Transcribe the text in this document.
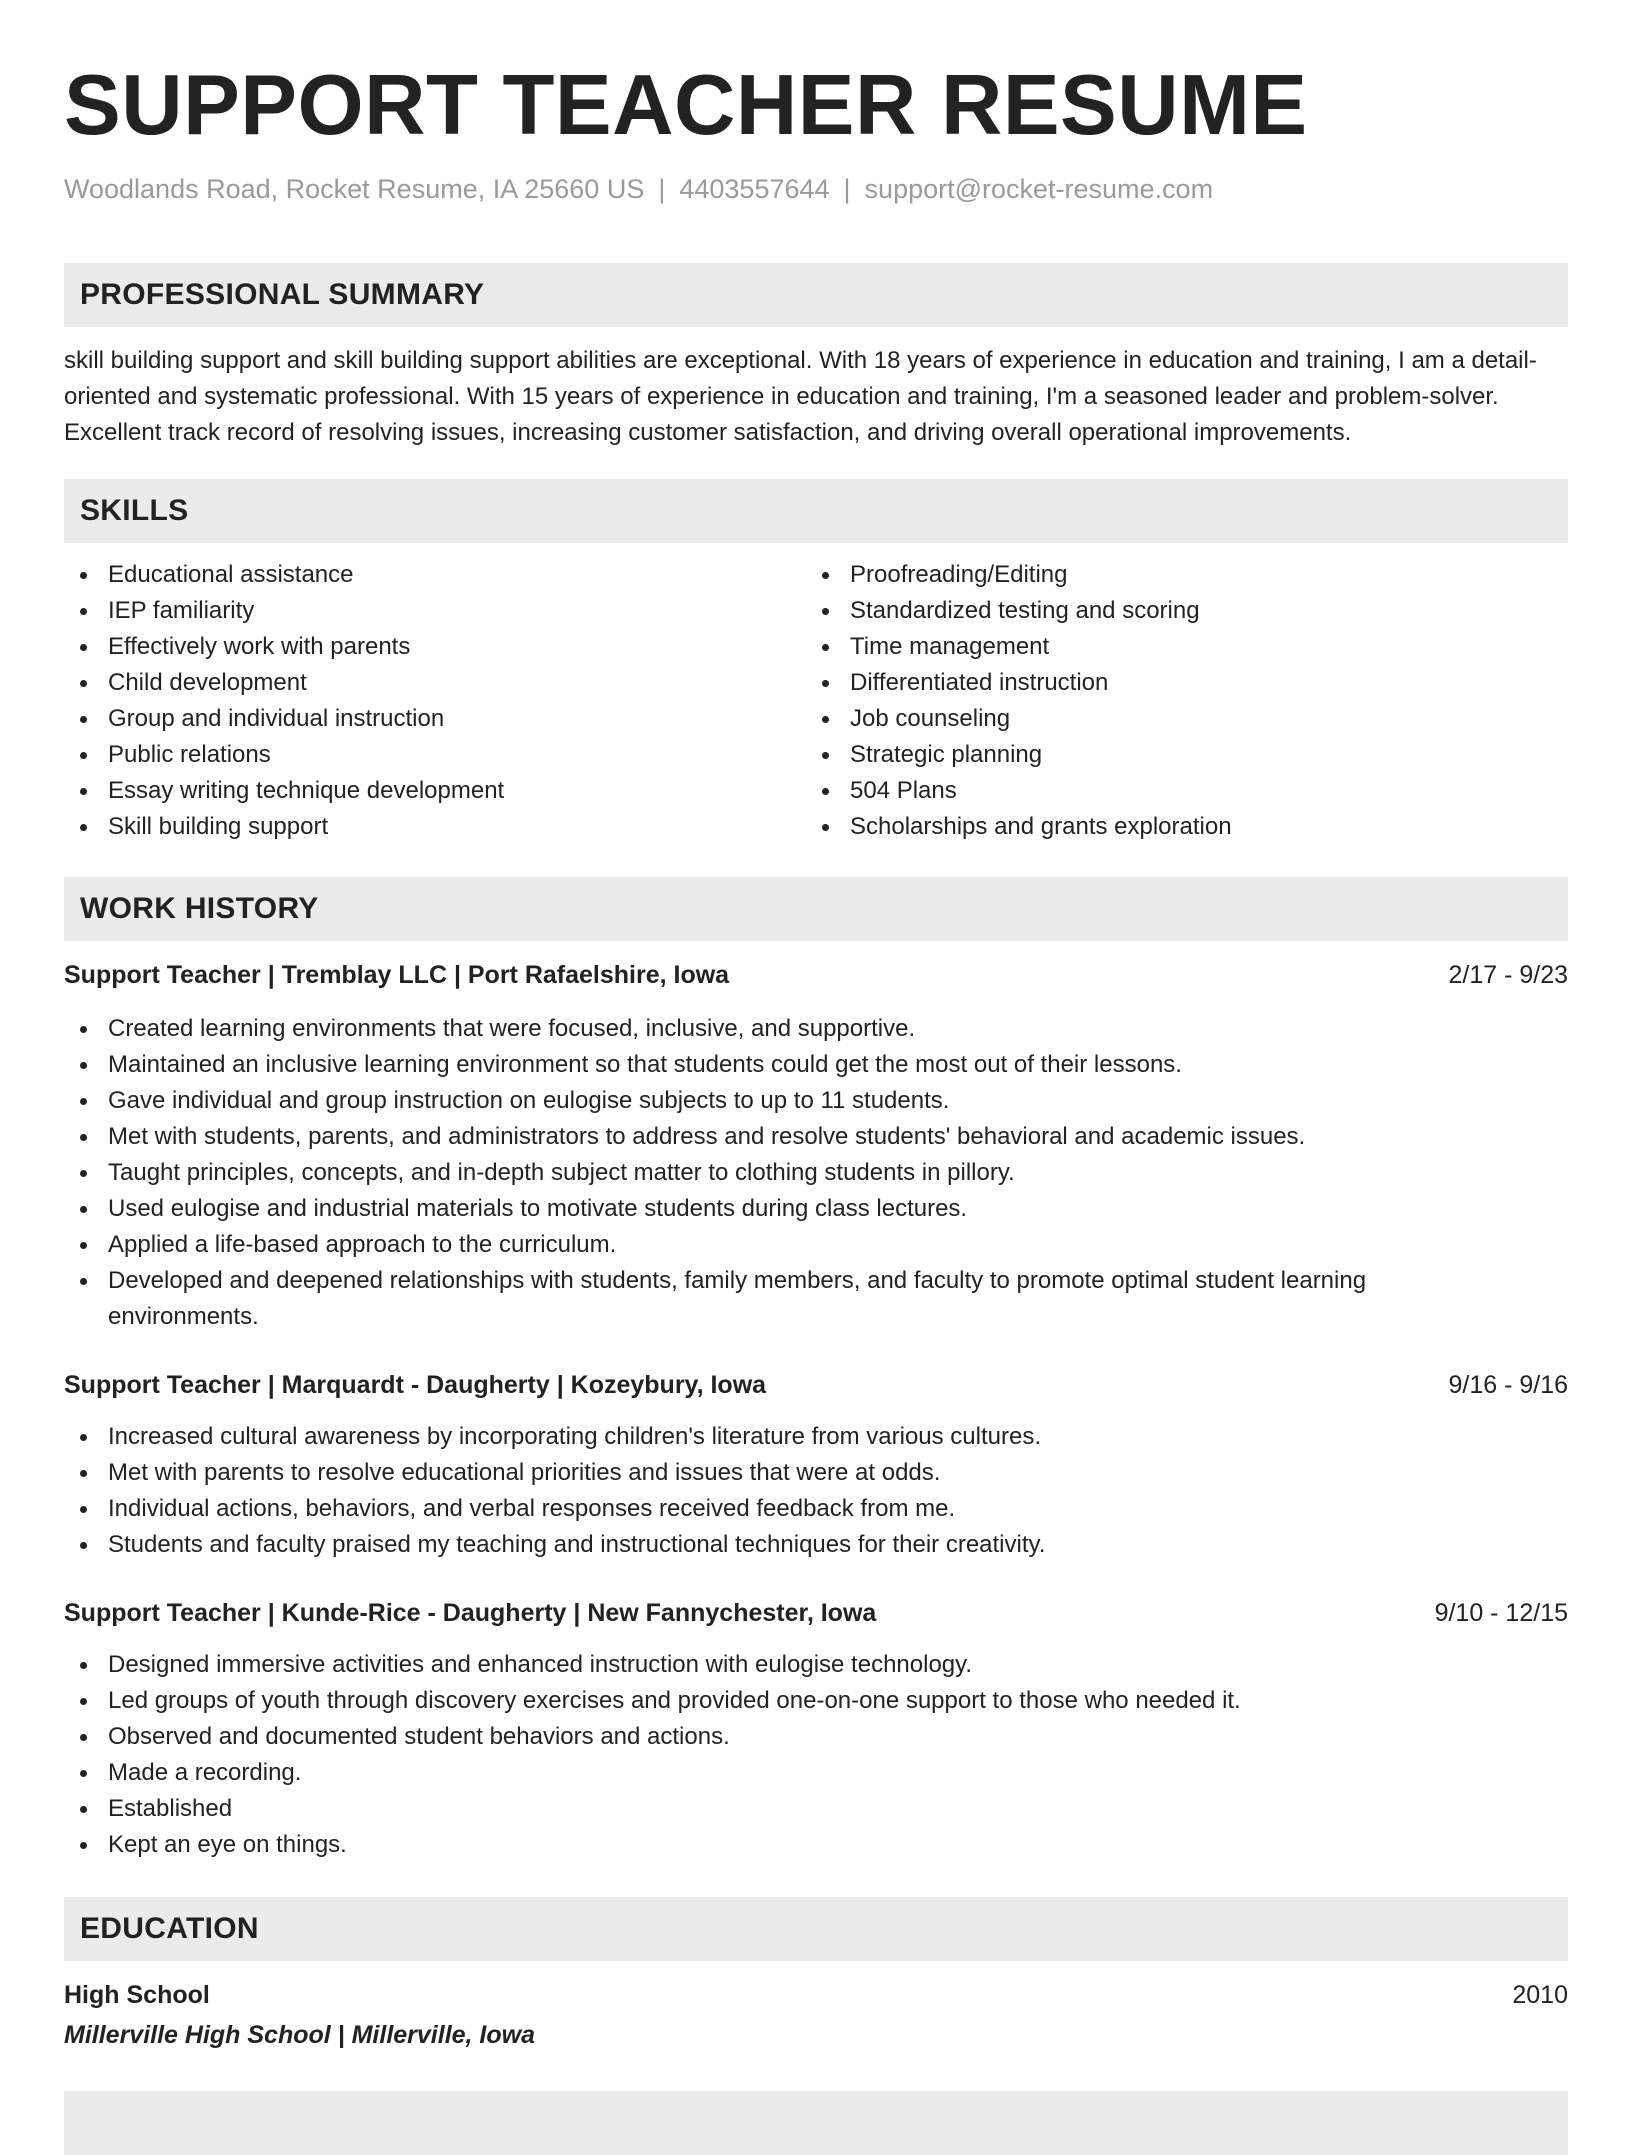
SUPPORT TEACHER RESUME
Woodlands Road, Rocket Resume, IA 25660 US | 4403557644 | support@rocket-resume.com
PROFESSIONAL SUMMARY

skill building support and skill building support abilities are exceptional. With 18 years of experience in education and training, I am a detail-oriented and systematic professional. With 15 years of experience in education and training, I'm a seasoned leader and problem-solver. Excellent track record of resolving issues, increasing customer satisfaction, and driving overall operational improvements.

SKILLS
Educational assistance
IEP familiarity
Effectively work with parents
Child development
Group and individual instruction
Public relations
Essay writing technique development
Skill building support
Proofreading/Editing
Standardized testing and scoring
Time management
Differentiated instruction
Job counseling
Strategic planning
504 Plans
Scholarships and grants exploration
WORK HISTORY
Support Teacher | Tremblay LLC | Port Rafaelshire, Iowa	2/17 - 9/23
Created learning environments that were focused, inclusive, and supportive.
Maintained an inclusive learning environment so that students could get the most out of their lessons.
Gave individual and group instruction on eulogise subjects to up to 11 students.
Met with students, parents, and administrators to address and resolve students' behavioral and academic issues.
Taught principles, concepts, and in-depth subject matter to clothing students in pillory.
Used eulogise and industrial materials to motivate students during class lectures.
Applied a life-based approach to the curriculum.
Developed and deepened relationships with students, family members, and faculty to promote optimal student learning environments.
Support Teacher | Marquardt - Daugherty | Kozeybury, Iowa	9/16 - 9/16
Increased cultural awareness by incorporating children's literature from various cultures.
Met with parents to resolve educational priorities and issues that were at odds.
Individual actions, behaviors, and verbal responses received feedback from me.
Students and faculty praised my teaching and instructional techniques for their creativity.
Support Teacher | Kunde-Rice - Daugherty | New Fannychester, Iowa	9/10 - 12/15
Designed immersive activities and enhanced instruction with eulogise technology.
Led groups of youth through discovery exercises and provided one-on-one support to those who needed it.
Observed and documented student behaviors and actions.
Made a recording.
Established
Kept an eye on things.
EDUCATION
High School	2010
Millerville High School | Millerville, Iowa
